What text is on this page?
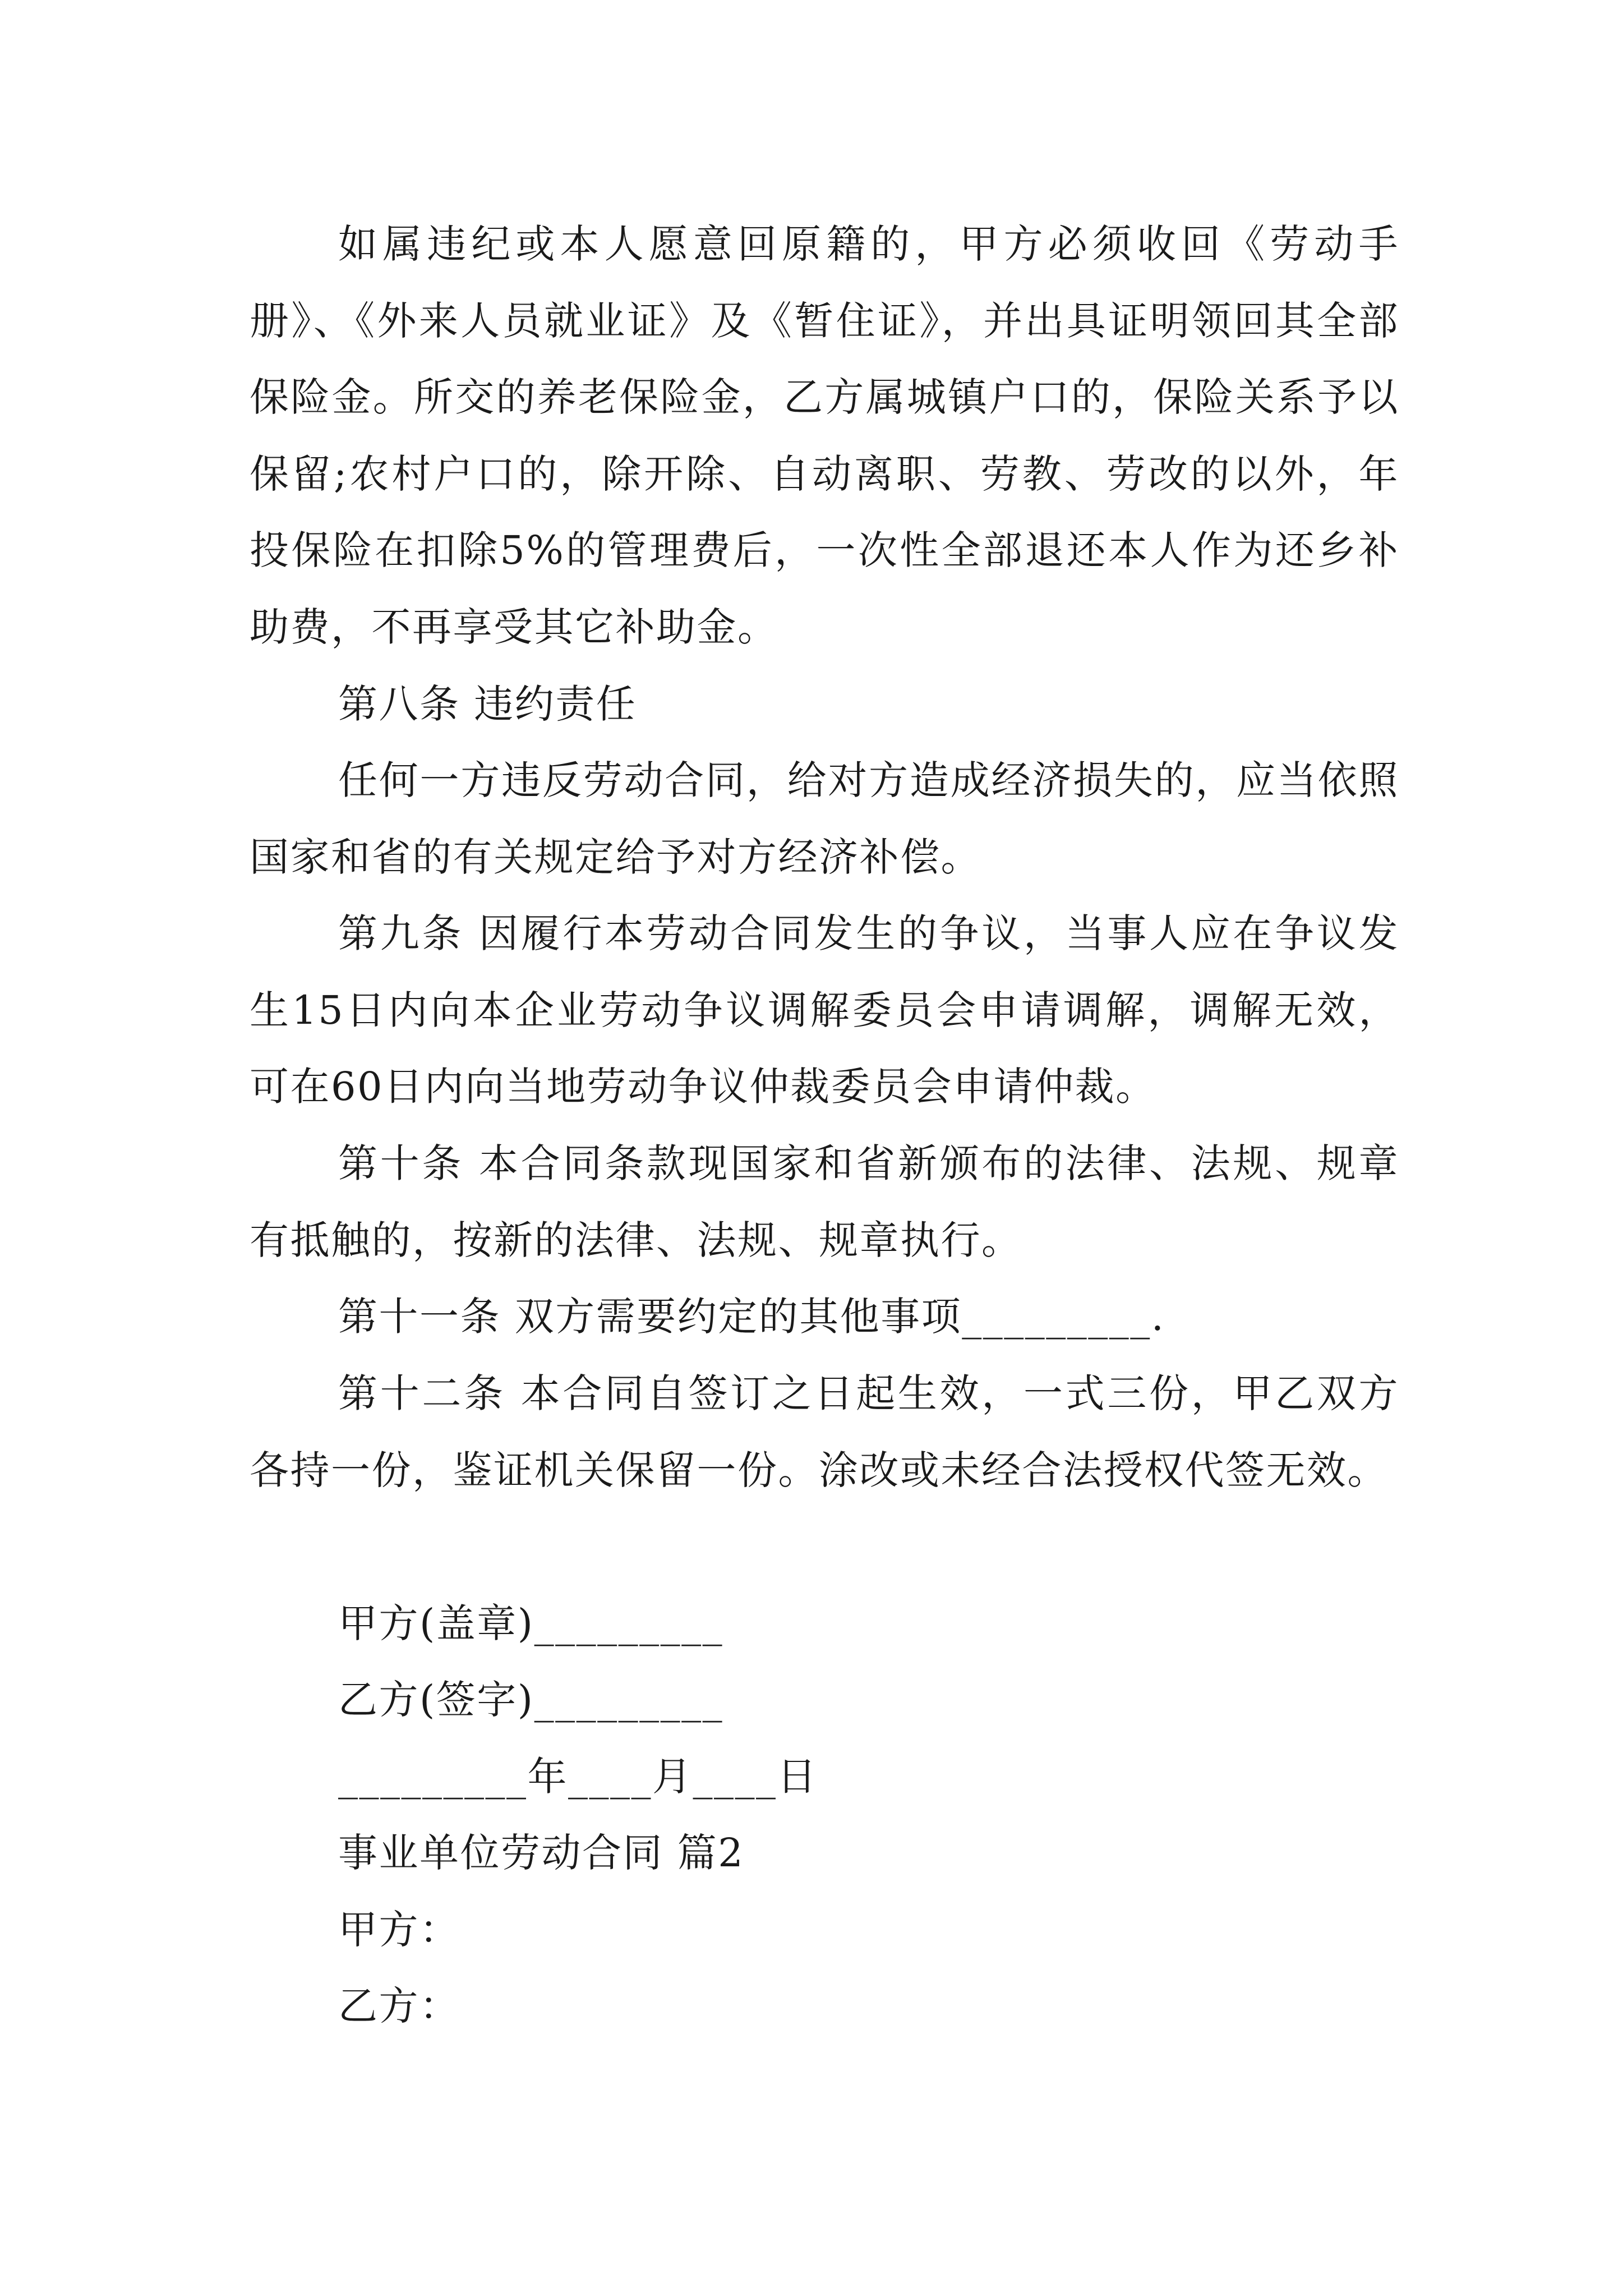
如属违纪或本人愿意回原籍的，甲方必须收回《劳动手册》、《外来人员就业证》及《暂住证》，并出具证明领回其全部保险金。所交的养老保险金，乙方属城镇户口的，保险关系予以保留;农村户口的，除开除、自动离职、劳教、劳改的以外，年投保险在扣除5%的管理费后，一次性全部退还本人作为还乡补助费，不再享受其它补助金。

第八条 违约责任

任何一方违反劳动合同，给对方造成经济损失的，应当依照国家和省的有关规定给予对方经济补偿。

第九条 因履行本劳动合同发生的争议，当事人应在争议发生15日内向本企业劳动争议调解委员会申请调解，调解无效，可在60日内向当地劳动争议仲裁委员会申请仲裁。

第十条 本合同条款现国家和省新颁布的法律、法规、规章有抵触的，按新的法律、法规、规章执行。

第十一条 双方需要约定的其他事项_________.

第十二条 本合同自签订之日起生效，一式三份，甲乙双方各持一份，鉴证机关保留一份。涂改或未经合法授权代签无效。

甲方(盖章)_________

乙方(签字)_________

_________年____月____日

事业单位劳动合同 篇2

甲方：

乙方：
